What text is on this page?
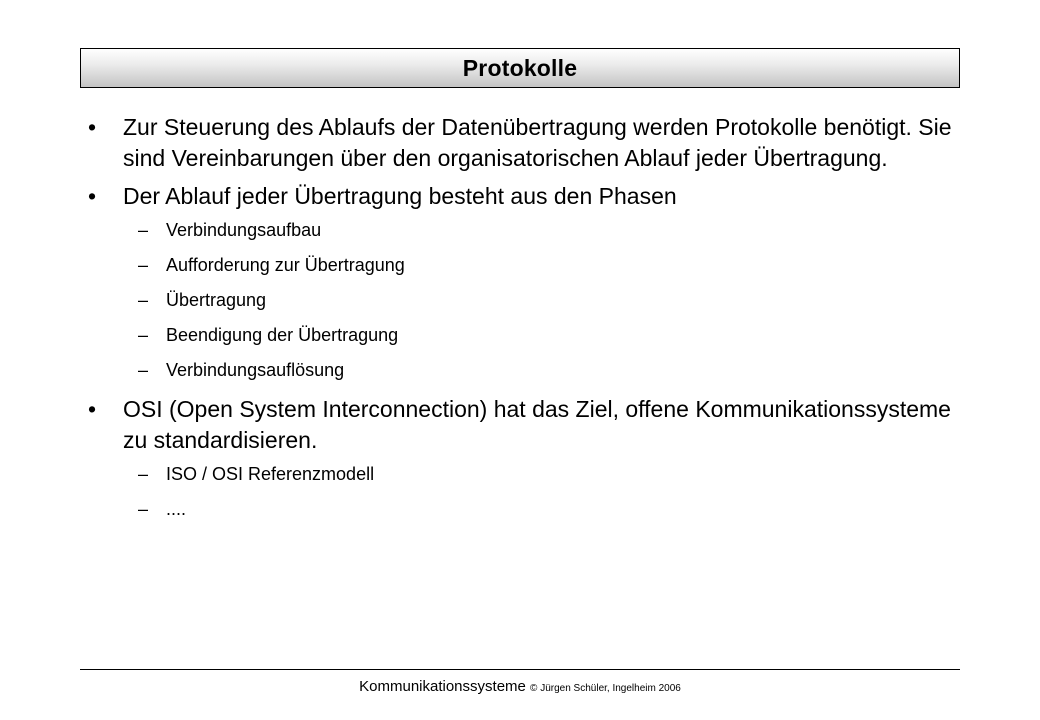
Protokolle
• Zur Steuerung des Ablaufs der Datenübertragung werden Protokolle benötigt. Sie sind Vereinbarungen über den organisatorischen Ablauf jeder Übertragung.
• Der Ablauf jeder Übertragung besteht aus den Phasen
– Verbindungsaufbau
– Aufforderung zur Übertragung
– Übertragung
– Beendigung der Übertragung
– Verbindungsauflösung
• OSI (Open System Interconnection) hat das Ziel, offene Kommunikationssysteme zu standardisieren.
– ISO / OSI Referenzmodell
– ....
Kommunikationssysteme © Jürgen Schüler, Ingelheim 2006
